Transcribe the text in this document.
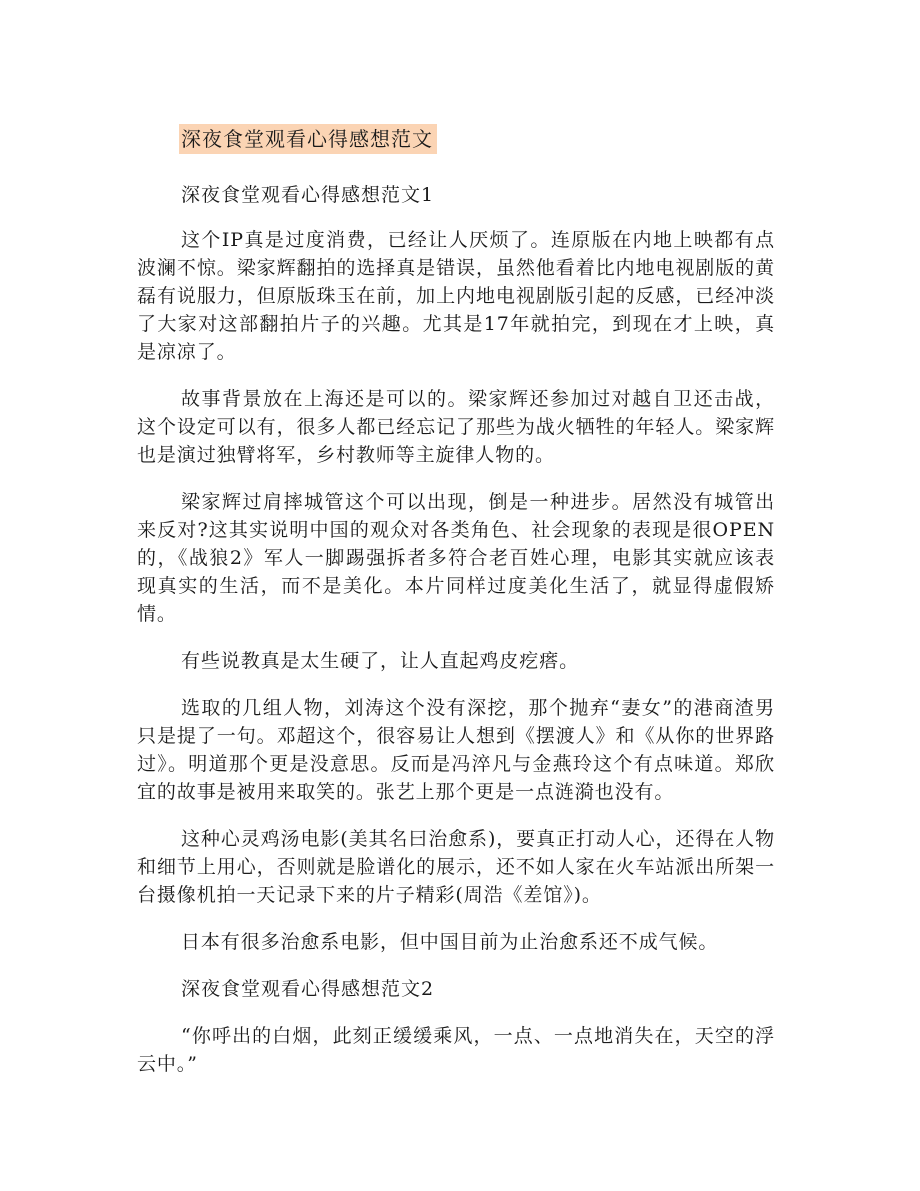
深夜食堂观看心得感想范文

深夜食堂观看心得感想范文1

这个IP真是过度消费，已经让人厌烦了。连原版在内地上映都有点波澜不惊。梁家辉翻拍的选择真是错误，虽然他看着比内地电视剧版的黄磊有说服力，但原版珠玉在前，加上内地电视剧版引起的反感，已经冲淡了大家对这部翻拍片子的兴趣。尤其是17年就拍完，到现在才上映，真是凉凉了。

故事背景放在上海还是可以的。梁家辉还参加过对越自卫还击战，这个设定可以有，很多人都已经忘记了那些为战火牺牲的年轻人。梁家辉也是演过独臂将军，乡村教师等主旋律人物的。

梁家辉过肩摔城管这个可以出现，倒是一种进步。居然没有城管出来反对?这其实说明中国的观众对各类角色、社会现象的表现是很OPEN的，《战狼2》军人一脚踢强拆者多符合老百姓心理，电影其实就应该表现真实的生活，而不是美化。本片同样过度美化生活了，就显得虚假矫情。

有些说教真是太生硬了，让人直起鸡皮疙瘩。

选取的几组人物，刘涛这个没有深挖，那个抛弃“妻女”的港商渣男只是提了一句。邓超这个，很容易让人想到《摆渡人》和《从你的世界路过》。明道那个更是没意思。反而是冯淬凡与金燕玲这个有点味道。郑欣宜的故事是被用来取笑的。张艺上那个更是一点涟漪也没有。

这种心灵鸡汤电影(美其名曰治愈系)，要真正打动人心，还得在人物和细节上用心，否则就是脸谱化的展示，还不如人家在火车站派出所架一台摄像机拍一天记录下来的片子精彩(周浩《差馆》)。

日本有很多治愈系电影，但中国目前为止治愈系还不成气候。

深夜食堂观看心得感想范文2

“你呼出的白烟，此刻正缓缓乘风，一点、一点地消失在，天空的浮云中。”
